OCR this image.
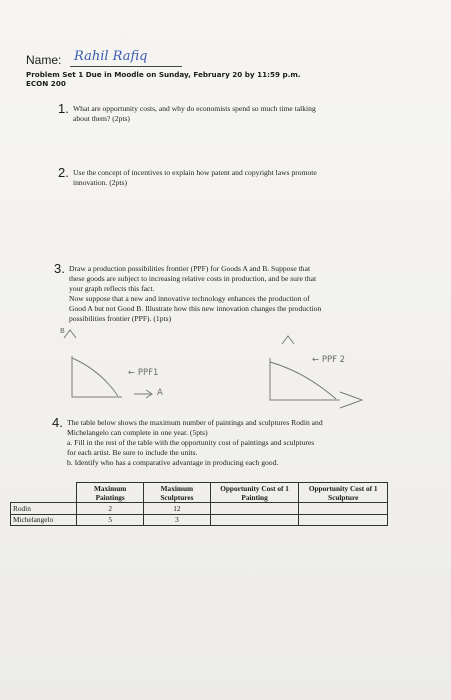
Name: Rahil Rafiq
Problem Set 1 Due in Moodle on Sunday, February 20 by 11:59 p.m.
ECON 200
1. What are opportunity costs, and why do economists spend so much time talking
about them? (2pts)
2. Use the concept of incentives to explain how patent and copyright laws promote
innovation. (2pts)
3. Draw a production possibilities frontier (PPF) for Goods A and B. Suppose that
these goods are subject to increasing relative costs in production, and be sure that
your graph reflects this fact.
Now suppose that a new and innovative technology enhances the production of
Good A but not Good B. Illustrate how this new innovation changes the production
possibilities frontier (PPF). (1pts)
B
← PPF1
A
← PPF 2
4. The table below shows the maximum number of paintings and sculptures Rodin and
Michelangelo can complete in one year. (5pts)
a. Fill in the rest of the table with the opportunity cost of paintings and sculptures
for each artist. Be sure to include the units.
b. Identify who has a comparative advantage in producing each good.
	Maximum Paintings	Maximum Sculptures	Opportunity Cost of 1 Painting	Opportunity Cost of 1 Sculpture
Rodin	2	12		
Michelangelo	5	3		
